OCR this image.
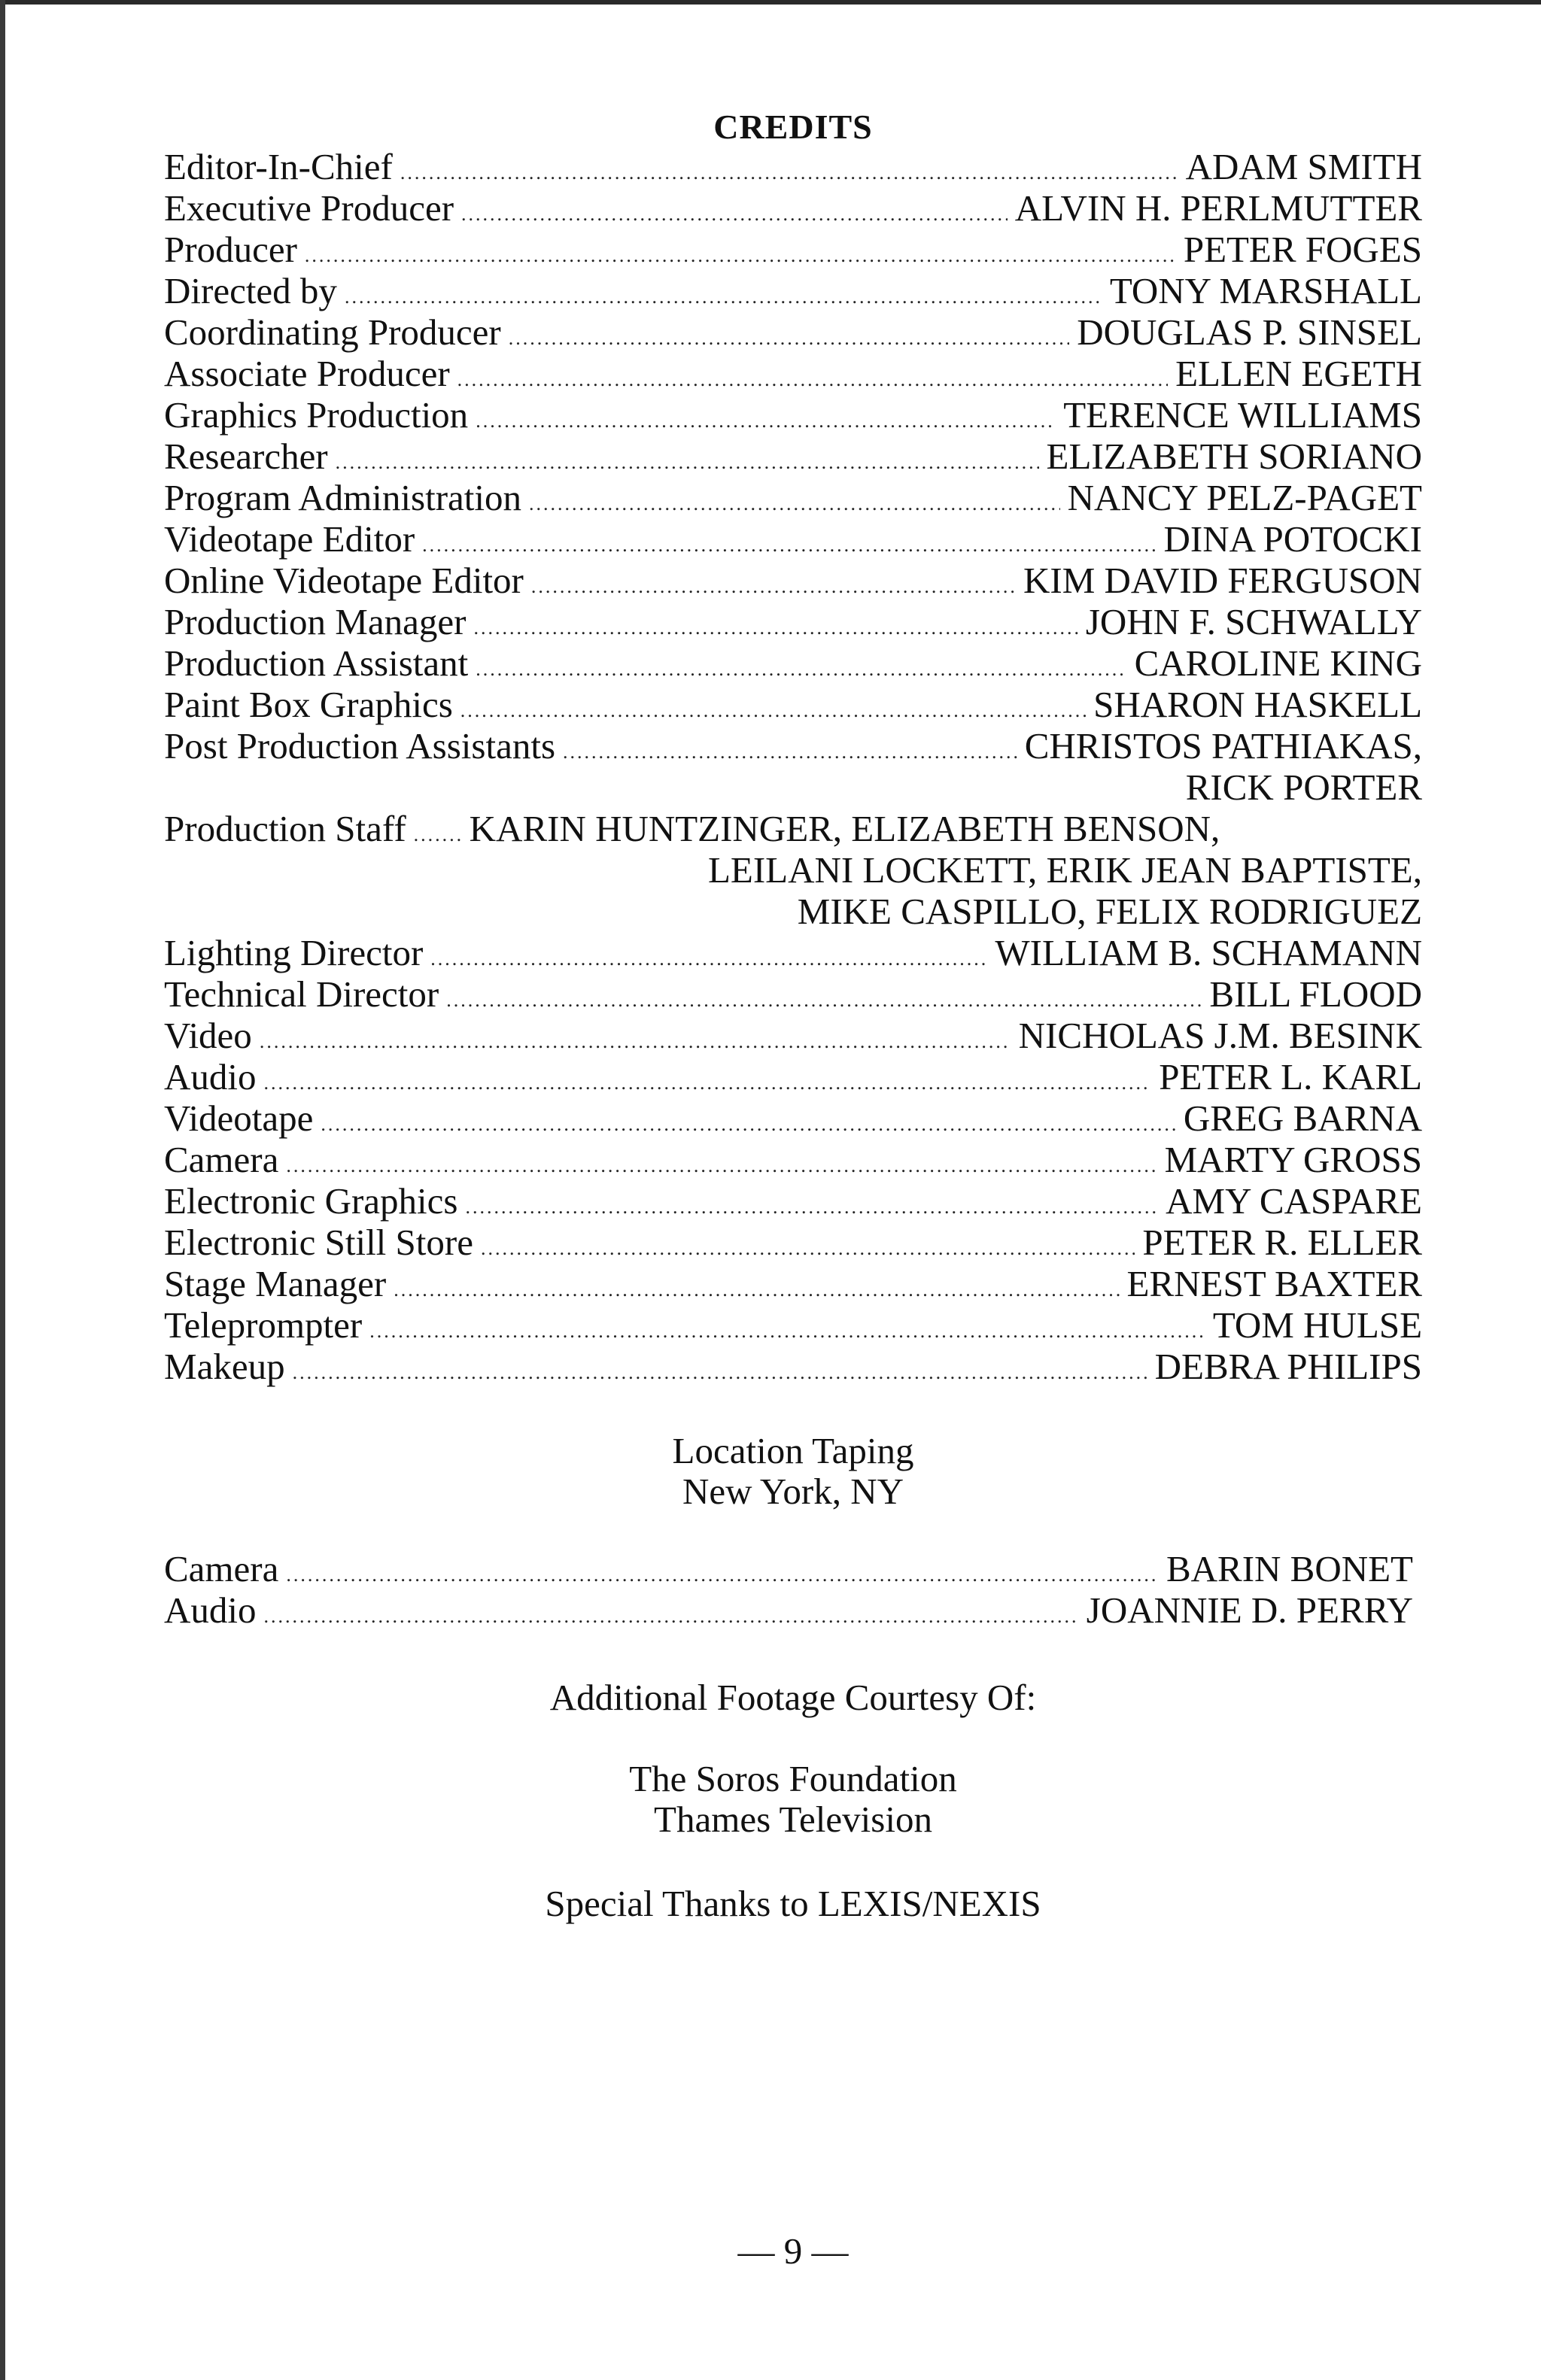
CREDITS
Editor-In-Chief .....	ADAM SMITH
Executive Producer .....	ALVIN H. PERLMUTTER
Producer .....	PETER FOGES
Directed by .....	TONY MARSHALL
Coordinating Producer .....	DOUGLAS P. SINSEL
Associate Producer .....	ELLEN EGETH
Graphics Production .....	TERENCE WILLIAMS
Researcher .....	ELIZABETH SORIANO
Program Administration .....	NANCY PELZ-PAGET
Videotape Editor .....	DINA POTOCKI
Online Videotape Editor .....	KIM DAVID FERGUSON
Production Manager .....	JOHN F. SCHWALLY
Production Assistant .....	CAROLINE KING
Paint Box Graphics .....	SHARON HASKELL
Post Production Assistants .....	CHRISTOS PATHIAKAS,
RICK PORTER
Production Staff ..... KARIN HUNTZINGER, ELIZABETH BENSON,
LEILANI LOCKETT, ERIK JEAN BAPTISTE,
MIKE CASPILLO, FELIX RODRIGUEZ
Lighting Director .....	WILLIAM B. SCHAMANN
Technical Director .....	BILL FLOOD
Video .....	NICHOLAS J.M. BESINK
Audio .....	PETER L. KARL
Videotape .....	GREG BARNA
Camera .....	MARTY GROSS
Electronic Graphics .....	AMY CASPARE
Electronic Still Store .....	PETER R. ELLER
Stage Manager .....	ERNEST BAXTER
Teleprompter .....	TOM HULSE
Makeup .....	DEBRA PHILIPS
Location Taping
New York, NY
Camera .....	BARIN BONET
Audio .....	JOANNIE D. PERRY
Additional Footage Courtesy Of:
The Soros Foundation
Thames Television
Special Thanks to LEXIS/NEXIS
— 9 —
